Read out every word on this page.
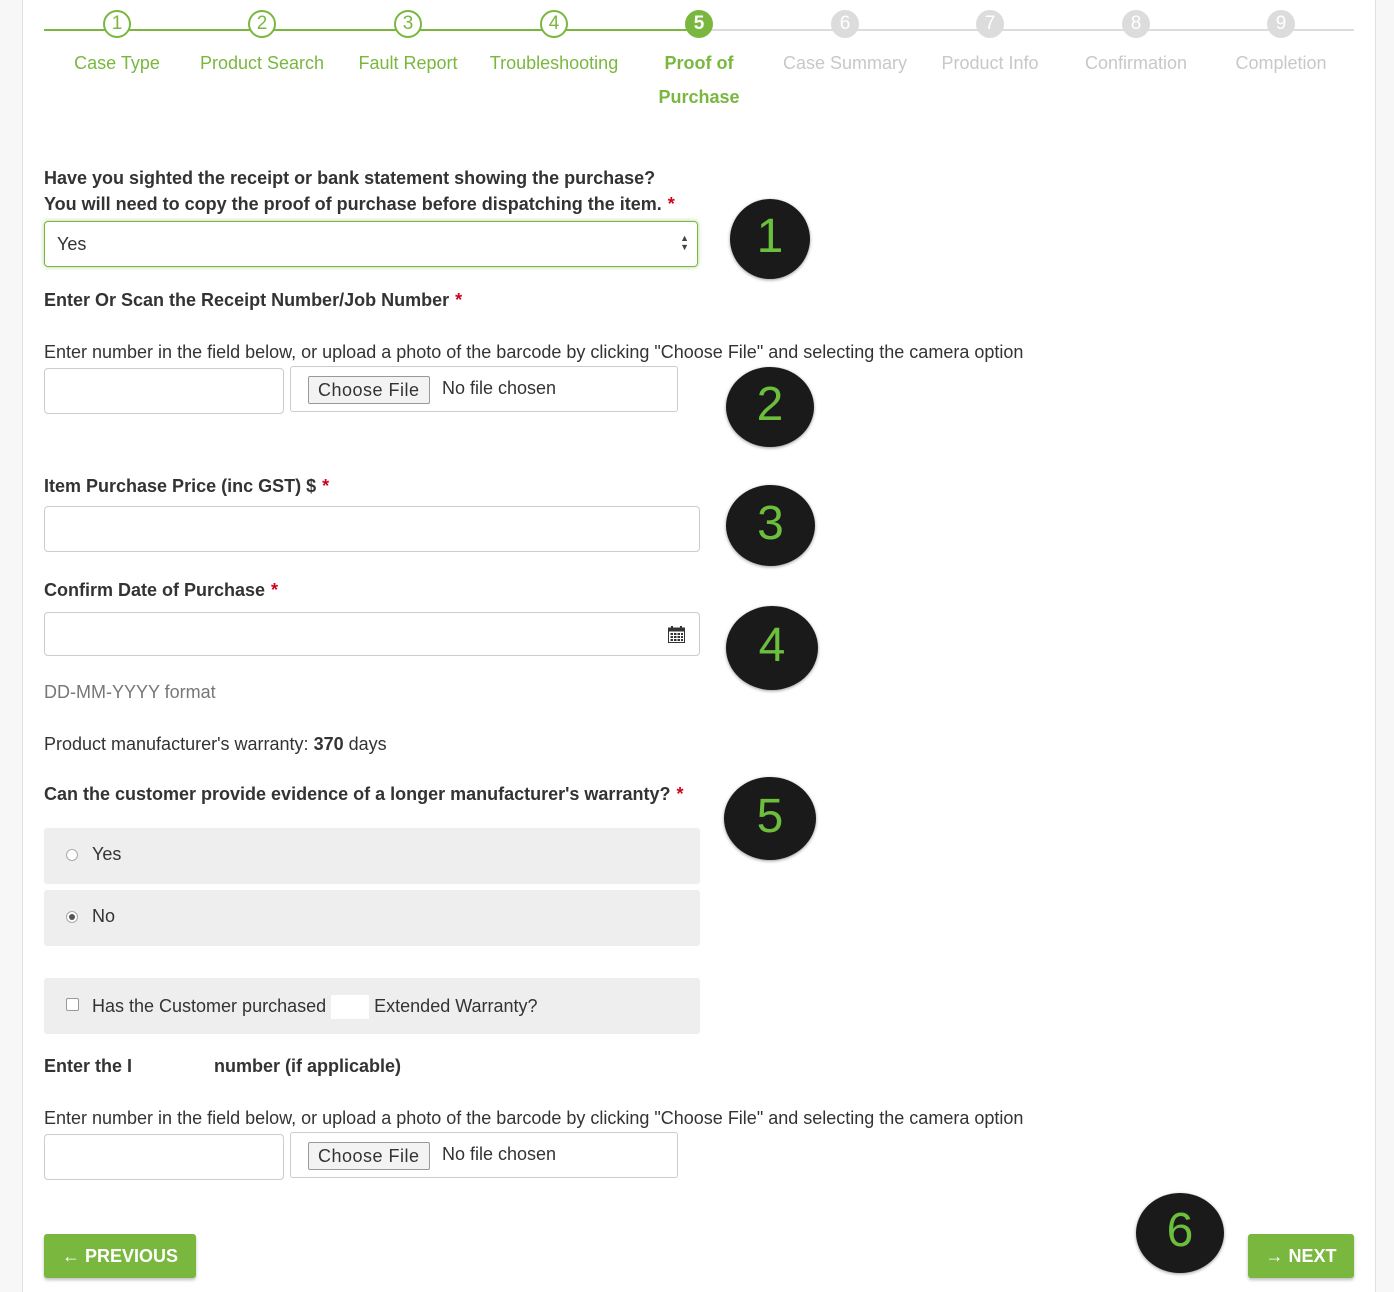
1
Case Type
2
Product Search
3
Fault Report
4
Troubleshooting
5
Proof of
Purchase
6
Case Summary
7
Product Info
8
Confirmation
9
Completion
Have you sighted the receipt or bank statement showing the purchase?
You will need to copy the proof of purchase before dispatching the item. *
Yes	▲
▼
Enter Or Scan the Receipt Number/Job Number *
Enter number in the field below, or upload a photo of the barcode by clicking "Choose File" and selecting the camera option
Choose File	No file chosen
Item Purchase Price (inc GST) $ *
Confirm Date of Purchase *
DD-MM-YYYY format
Product manufacturer's warranty: 370 days
Can the customer provide evidence of a longer manufacturer's warranty? *
Yes
No
Has the Customer purchased	Extended Warranty?
Enter the I	number (if applicable)
Enter number in the field below, or upload a photo of the barcode by clicking "Choose File" and selecting the camera option
Choose File	No file chosen
← PREVIOUS	→ NEXT
1
2
3
4
5
6
